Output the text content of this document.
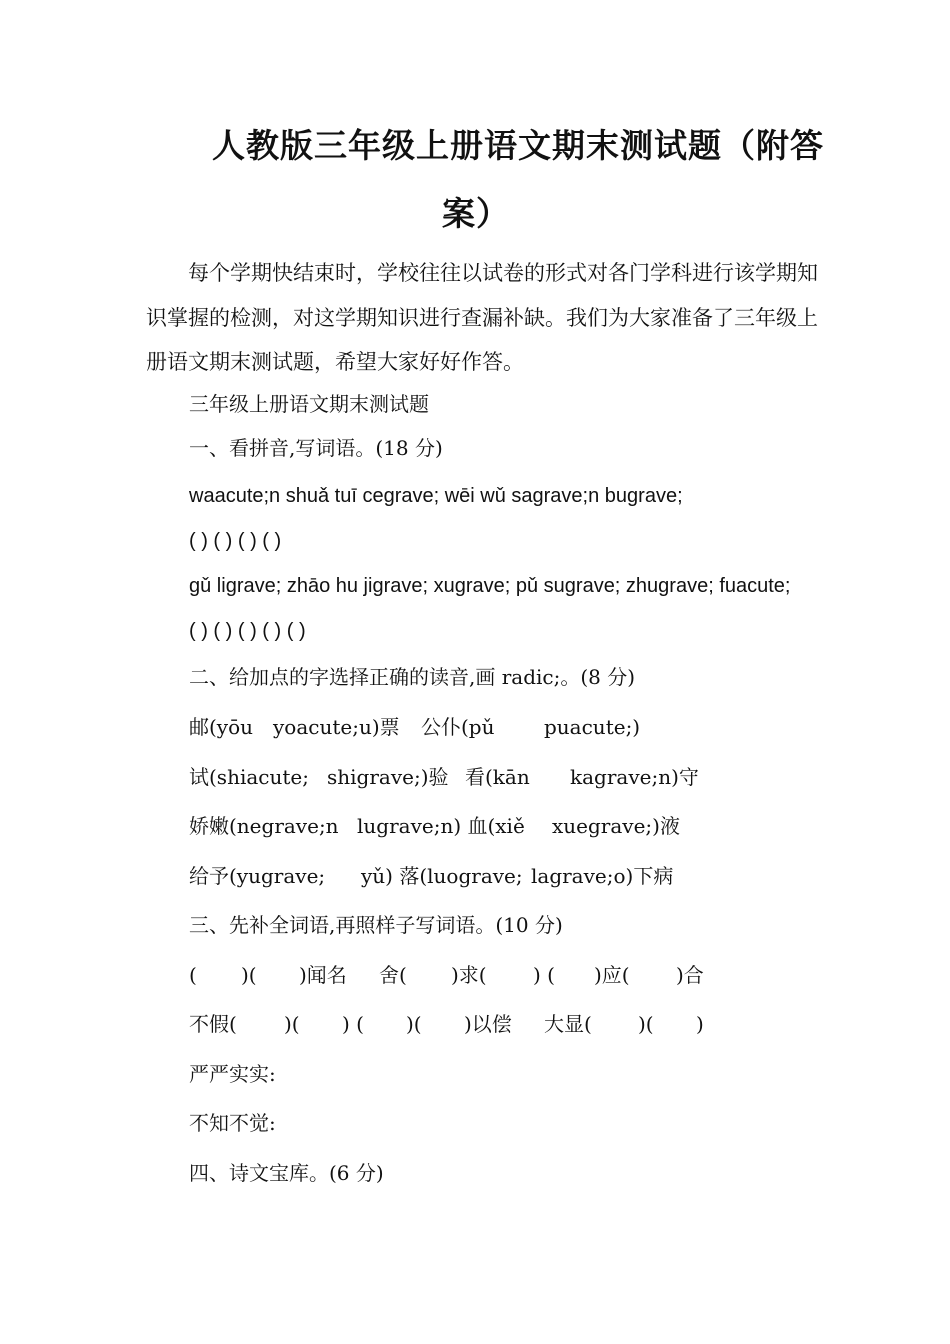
人教版三年级上册语文期末测试题（附答
案）

每个学期快结束时，学校往往以试卷的形式对各门学科进行该学期知识掌握的检测，对这学期知识进行查漏补缺。我们为大家准备了三年级上册语文期末测试题，希望大家好好作答。

三年级上册语文期末测试题

一、看拼音,写词语。(18 分)

waacute;n shuǎ tuī cegrave; wēi wǔ sagrave;n bugrave;

( ) ( ) ( ) ( )

gǔ ligrave; zhāo hu jigrave; xugrave; pǔ sugrave; zhugrave; fuacute;

( ) ( ) ( ) ( ) ( )

二、给加点的字选择正确的读音,画 radic;。(8 分)

邮(yōu yoacute;u)票 公仆(pǔ puacute;)
试(shiacute; shigrave;)验 看(kān kagrave;n)守
娇嫩(negrave;n lugrave;n) 血(xiě xuegrave;)液
给予(yugrave; yǔ) 落(luograve; lagrave;o)下病

三、先补全词语,再照样子写词语。(10 分)

( )( )闻名 舍( )求( ) ( )应( )合
不假( )( ) ( )( )以偿 大显( )( )

严严实实:

不知不觉:

四、诗文宝库。(6 分)
